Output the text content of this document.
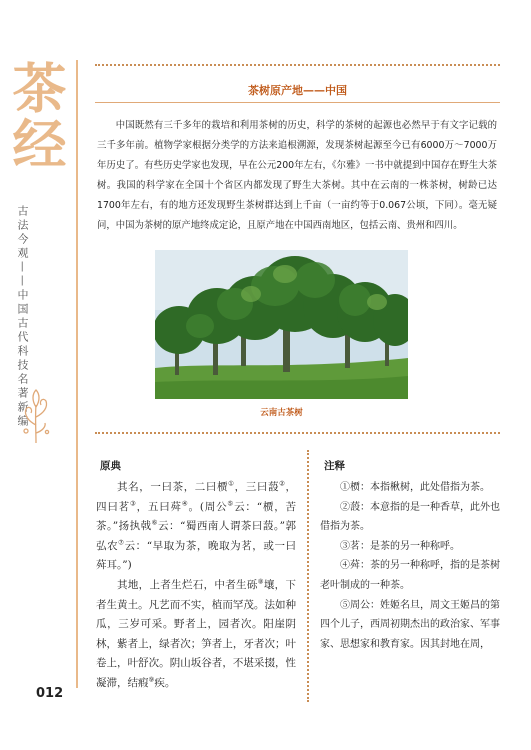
茶经
古法今观——中国古代科技名著新编
012
茶树原产地——中国

中国既然有三千多年的栽培和利用茶树的历史，科学的茶树的起源也必然早于有文字记载的三千多年前。植物学家根据分类学的方法来追根溯源，发现茶树起源至今已有6000万～7000万年历史了。有些历史学家也发现，早在公元200年左右，《尔雅》一书中就提到中国存在野生大茶树。我国的科学家在全国十个省区内都发现了野生大茶树。其中在云南的一株茶树，树龄已达1700年左右，有的地方还发现野生茶树群达到上千亩（一亩约等于0.067公顷，下同）。毫无疑问，中国为茶树的原产地终成定论，且原产地在中国西南地区，包括云南、贵州和四川。

云南古茶树
原典	注释

其名，一曰茶，二曰槚①，三曰蔎②，四曰茗③，五曰荈④。(周公⑤云：“槚，苦茶。”扬执戟⑥云：“蜀西南人谓茶曰蔎。”郭弘农⑦云：“早取为茶，晚取为茗，或一曰荈耳。”)

其地，上者生烂石，中者生砾⑧壤，下者生黄土。凡艺而不实，植而罕茂。法如种瓜，三岁可采。野者上，园者次。阳崖阴林，紫者上，绿者次；笋者上，牙者次；叶卷上，叶舒次。阴山坂谷者，不堪采掇，性凝滞，结瘕⑨疾。

①槚：本指楸树，此处借指为茶。

②蔎：本意指的是一种香草，此外也借指为茶。

③茗：是茶的另一种称呼。

④荈：茶的另一种称呼，指的是茶树老叶制成的一种茶。

⑤周公：姓姬名旦，周文王姬昌的第四个儿子，西周初期杰出的政治家、军事家、思想家和教育家。因其封地在周，
